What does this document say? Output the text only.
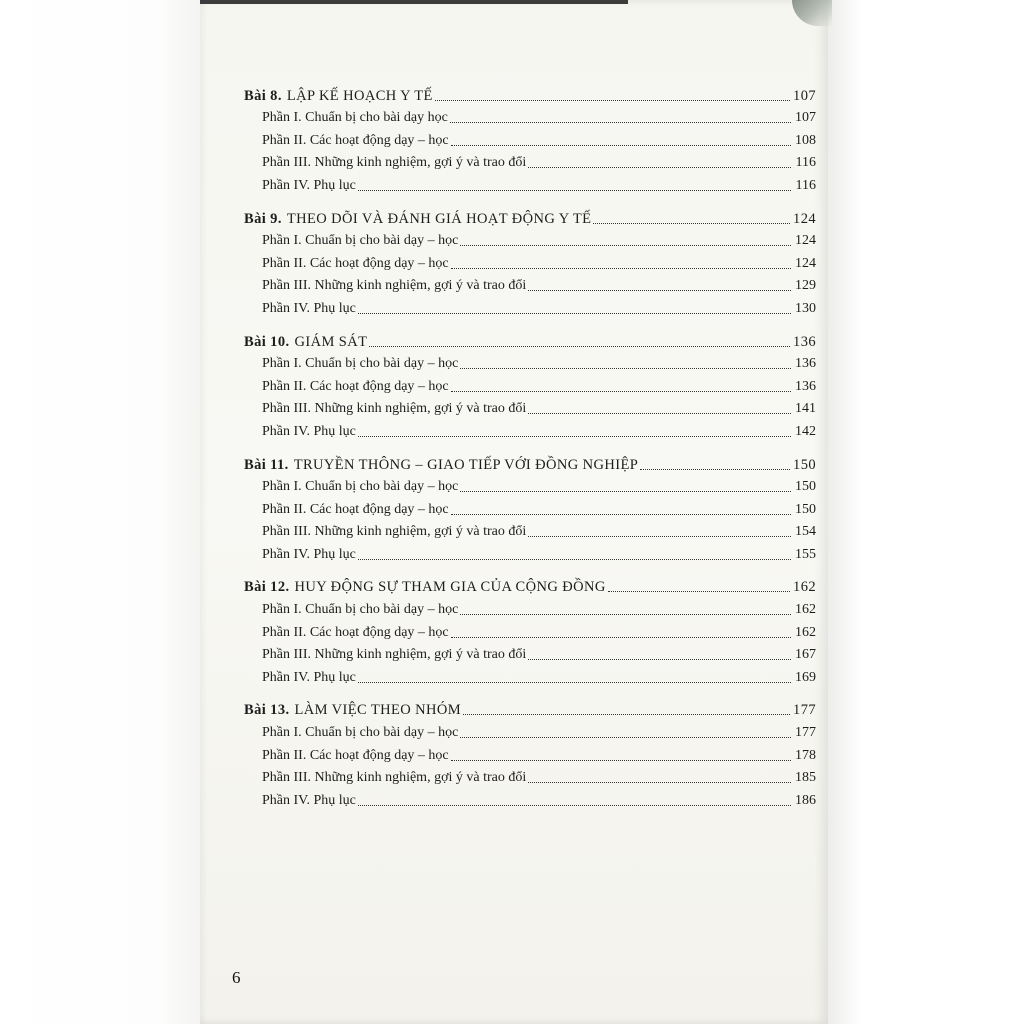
Bài 8. LẬP KẾ HOẠCH Y TẾ	107
Phần I. Chuẩn bị cho bài dạy học	107
Phần II. Các hoạt động dạy – học	108
Phần III. Những kinh nghiệm, gợi ý và trao đổi	116
Phần IV. Phụ lục	116
Bài 9. THEO DÕI VÀ ĐÁNH GIÁ HOẠT ĐỘNG Y TẾ	124
Phần I. Chuẩn bị cho bài dạy – học	124
Phần II. Các hoạt động dạy – học	124
Phần III. Những kinh nghiệm, gợi ý và trao đổi	129
Phần IV. Phụ lục	130
Bài 10. GIÁM SÁT	136
Phần I. Chuẩn bị cho bài dạy – học	136
Phần II. Các hoạt động dạy – học	136
Phần III. Những kinh nghiệm, gợi ý và trao đổi	141
Phần IV. Phụ lục	142
Bài 11. TRUYỀN THÔNG – GIAO TIẾP VỚI ĐỒNG NGHIỆP	150
Phần I. Chuẩn bị cho bài dạy – học	150
Phần II. Các hoạt động dạy – học	150
Phần III. Những kinh nghiệm, gợi ý và trao đổi	154
Phần IV. Phụ lục	155
Bài 12. HUY ĐỘNG SỰ THAM GIA CỦA CỘNG ĐỒNG	162
Phần I. Chuẩn bị cho bài dạy – học	162
Phần II. Các hoạt động dạy – học	162
Phần III. Những kinh nghiệm, gợi ý và trao đổi	167
Phần IV. Phụ lục	169
Bài 13. LÀM VIỆC THEO NHÓM	177
Phần I. Chuẩn bị cho bài dạy – học	177
Phần II. Các hoạt động dạy – học	178
Phần III. Những kinh nghiệm, gợi ý và trao đổi	185
Phần IV. Phụ lục	186
6
